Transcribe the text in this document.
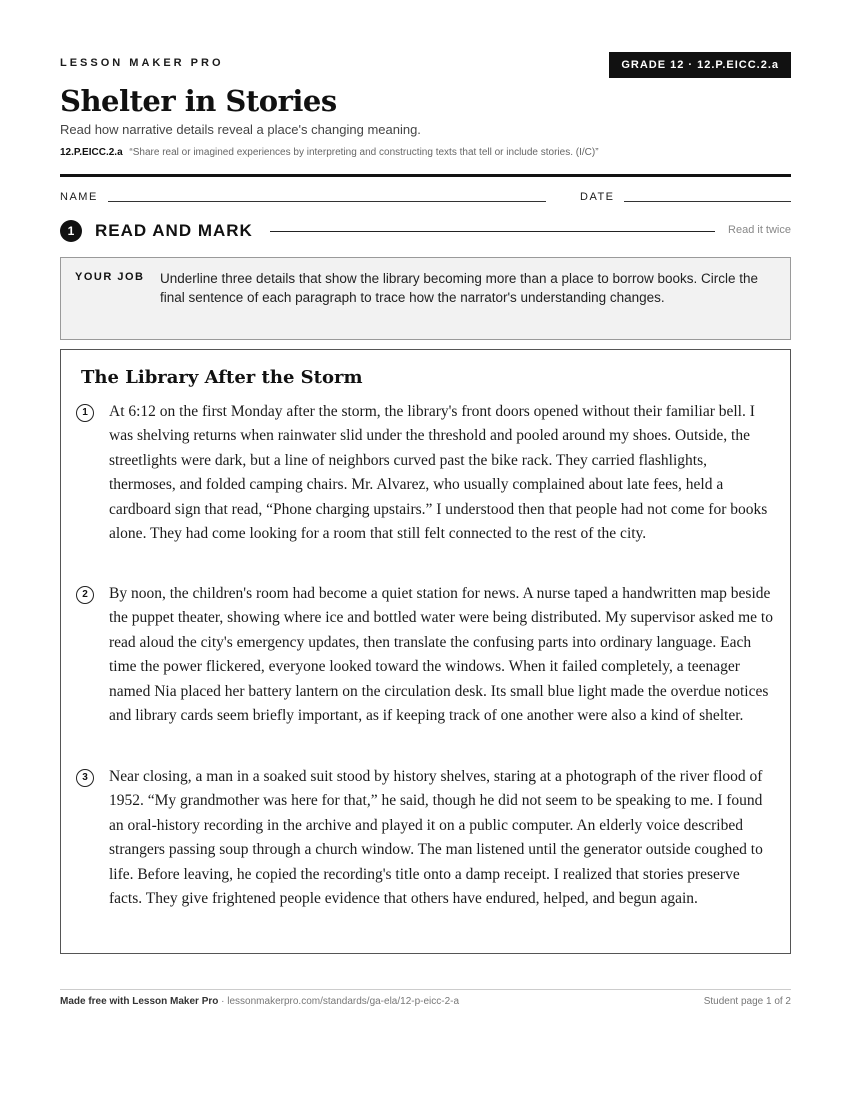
LESSON MAKER PRO	GRADE 12 · 12.P.EICC.2.a
Shelter in Stories
Read how narrative details reveal a place's changing meaning.
12.P.EICC.2.a “Share real or imagined experiences by interpreting and constructing texts that tell or include stories. (I/C)”
NAME	DATE
1	READ AND MARK	Read it twice
YOUR JOB Underline three details that show the library becoming more than a place to borrow books. Circle the final sentence of each paragraph to trace how the narrator's understanding changes.
The Library After the Storm
1	At 6:12 on the first Monday after the storm, the library's front doors opened without their familiar bell. I was shelving returns when rainwater slid under the threshold and pooled around my shoes. Outside, the streetlights were dark, but a line of neighbors curved past the bike rack. They carried flashlights, thermoses, and folded camping chairs. Mr. Alvarez, who usually complained about late fees, held a cardboard sign that read, “Phone charging upstairs.” I understood then that people had not come for books alone. They had come looking for a room that still felt connected to the rest of the city.

2	By noon, the children's room had become a quiet station for news. A nurse taped a handwritten map beside the puppet theater, showing where ice and bottled water were being distributed. My supervisor asked me to read aloud the city's emergency updates, then translate the confusing parts into ordinary language. Each time the power flickered, everyone looked toward the windows. When it failed completely, a teenager named Nia placed her battery lantern on the circulation desk. Its small blue light made the overdue notices and library cards seem briefly important, as if keeping track of one another were also a kind of shelter.

3	Near closing, a man in a soaked suit stood by history shelves, staring at a photograph of the river flood of 1952. “My grandmother was here for that,” he said, though he did not seem to be speaking to me. I found an oral-history recording in the archive and played it on a public computer. An elderly voice described strangers passing soup through a church window. The man listened until the generator outside coughed to life. Before leaving, he copied the recording's title onto a damp receipt. I realized that stories preserve facts. They give frightened people evidence that others have endured, helped, and begun again.

Made free with Lesson Maker Pro · lessonmakerpro.com/standards/ga-ela/12-p-eicc-2-a	Student page 1 of 2
